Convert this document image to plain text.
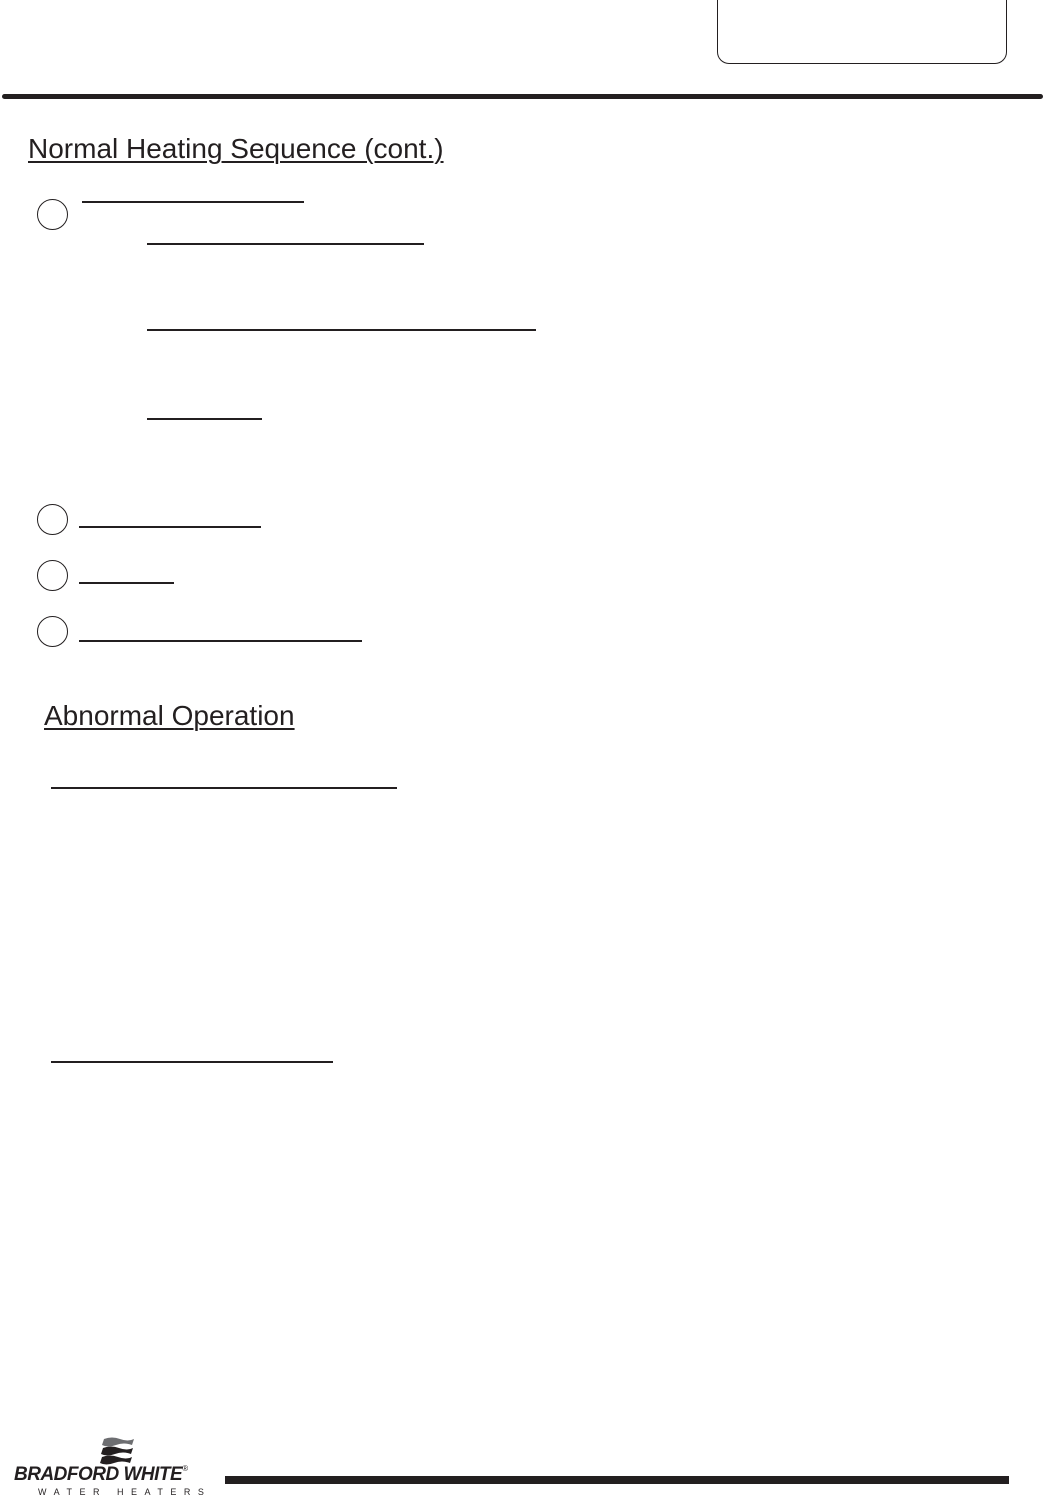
Normal Heating Sequence (cont.)
Abnormal Operation
BRADFORD WHITE®
WATER HEATERS
